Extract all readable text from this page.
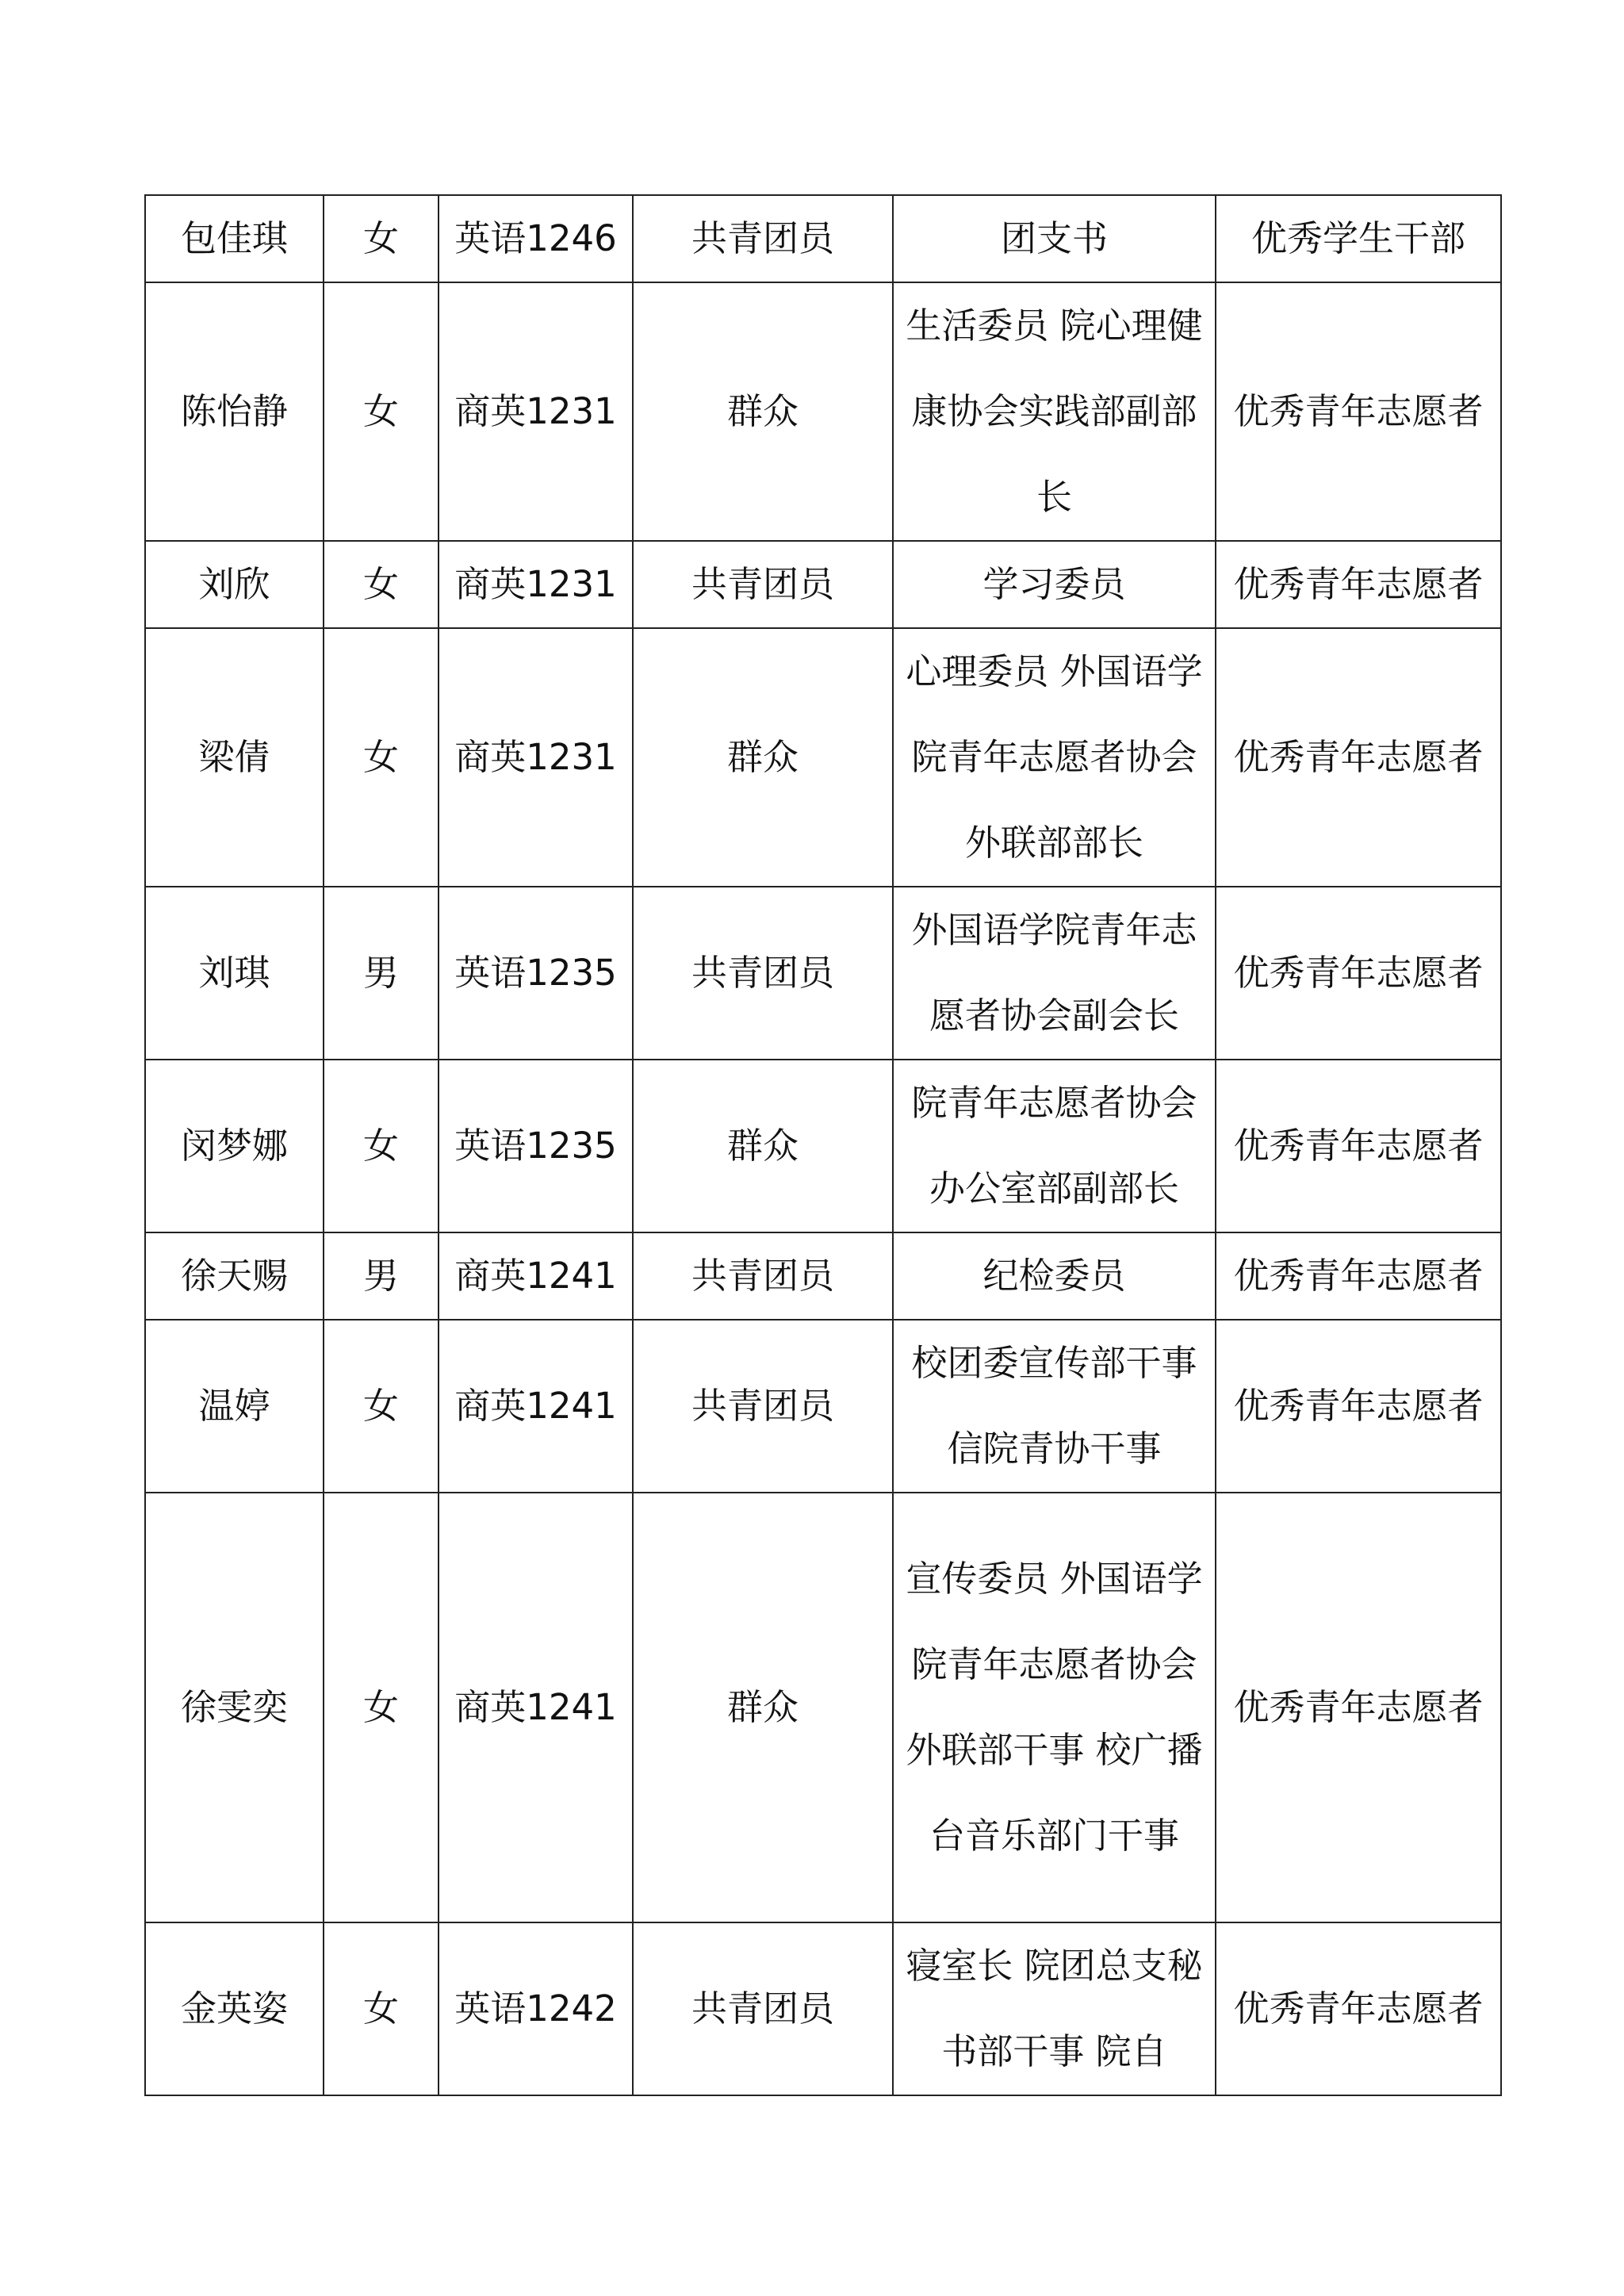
包佳琪	女	英语1246	共青团员	团支书	优秀学生干部
陈怡静	女	商英1231	群众	生活委员 院心理健康协会实践部副部长	优秀青年志愿者
刘欣	女	商英1231	共青团员	学习委员	优秀青年志愿者
梁倩	女	商英1231	群众	心理委员 外国语学院青年志愿者协会外联部部长	优秀青年志愿者
刘琪	男	英语1235	共青团员	外国语学院青年志愿者协会副会长	优秀青年志愿者
闵梦娜	女	英语1235	群众	院青年志愿者协会办公室部副部长	优秀青年志愿者
徐天赐	男	商英1241	共青团员	纪检委员	优秀青年志愿者
温婷	女	商英1241	共青团员	校团委宣传部干事信院青协干事	优秀青年志愿者
徐雯奕	女	商英1241	群众	宣传委员 外国语学院青年志愿者协会外联部干事 校广播台音乐部门干事	优秀青年志愿者
金英姿	女	英语1242	共青团员	寝室长 院团总支秘书部干事 院自	优秀青年志愿者
